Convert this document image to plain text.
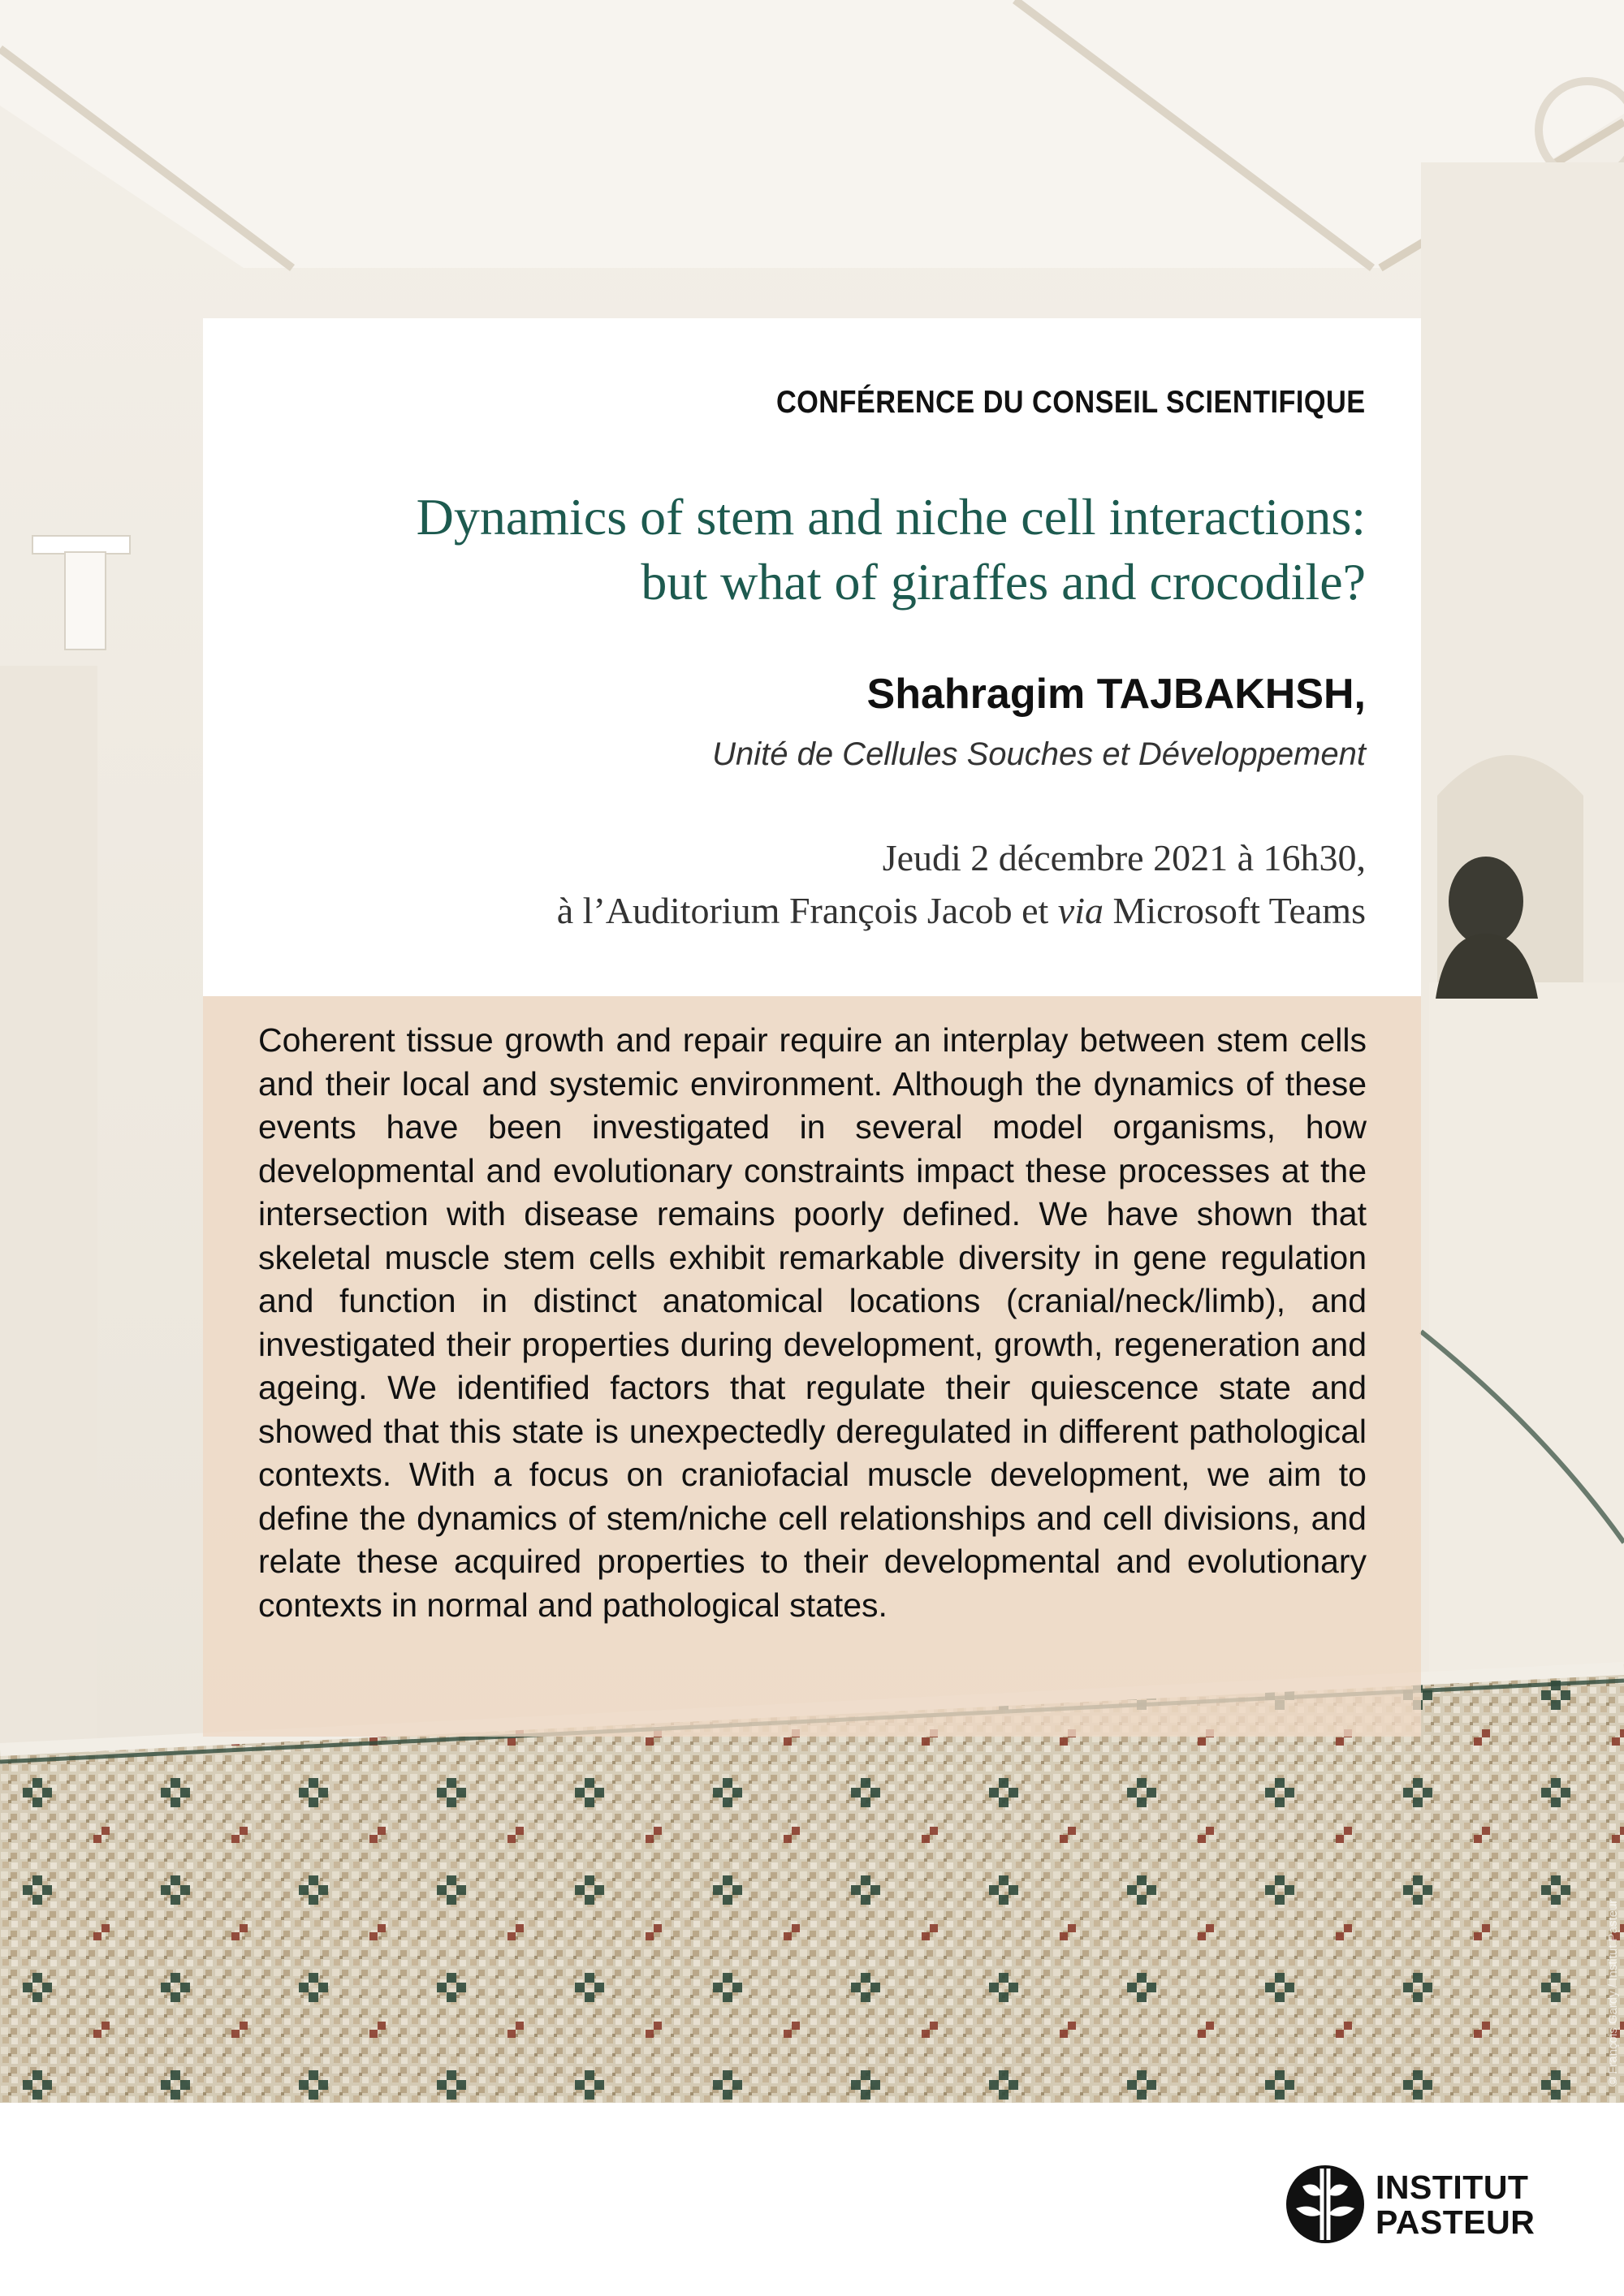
© François Gardy / Institut Pasteur
CONFÉRENCE DU CONSEIL SCIENTIFIQUE
Dynamics of stem and niche cell interactions:
but what of giraffes and crocodile?
Shahragim TAJBAKHSH,
Unité de Cellules Souches et Développement
Jeudi 2 décembre 2021 à 16h30,
à l’Auditorium François Jacob et via Microsoft Teams

Coherent tissue growth and repair require an interplay between stem cells and their local and systemic environment. Although the dynamics of these events have been investigated in several model organisms, how developmental and evolutionary constraints impact these processes at the intersection with disease remains poorly defined. We have shown that skeletal muscle stem cells exhibit remarkable diversity in gene regulation and function in distinct anatomical locations (cranial/neck/limb), and investigated their properties during development, growth, regeneration and ageing. We identified factors that regulate their quiescence state and showed that this state is unexpectedly deregulated in different pathological contexts. With a focus on craniofacial muscle development, we aim to define the dynamics of stem/niche cell relationships and cell divisions, and relate these acquired properties to their developmental and evolutionary contexts in normal and pathological states.

INSTITUT
PASTEUR
